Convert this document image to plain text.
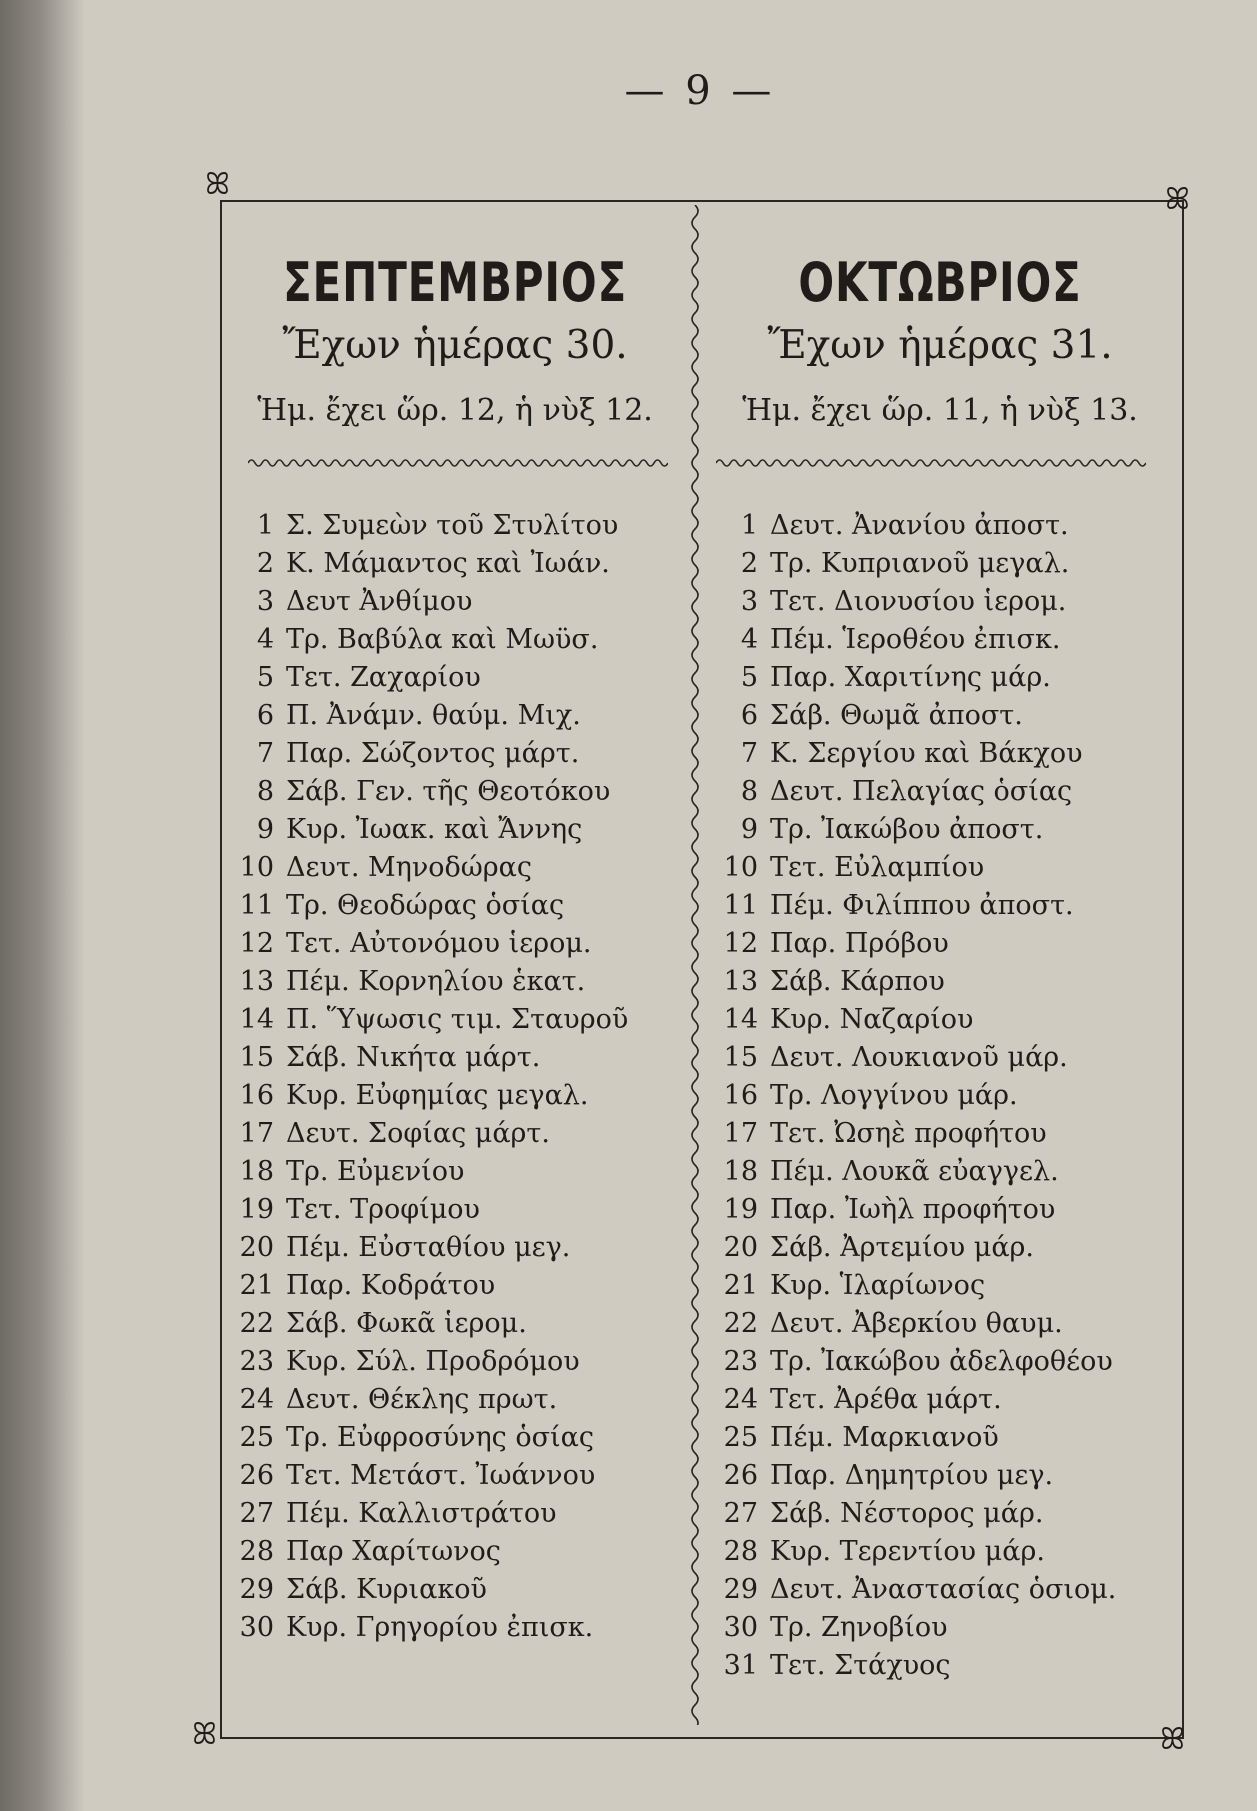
— 9 —
ꕤ	ꕤ
ꕤ	ꕤ
ΣΕΠΤΕΜΒΡΙΟΣ
Ἔχων ἡμέρας 30.
Ἡμ. ἔχει ὥρ. 12, ἡ νὺξ 12.
1 Σ. Συμεὼν τοῦ Στυλίτου
2 Κ. Μάμαντος καὶ Ἰωάν.
3 Δευτ Ἀνθίμου
4 Τρ. Βαβύλα καὶ Μωϋσ.
5 Τετ. Ζαχαρίου
6 Π. Ἀνάμν. θαύμ. Μιχ.
7 Παρ. Σώζοντος μάρτ.
8 Σάβ. Γεν. τῆς Θεοτόκου
9 Κυρ. Ἰωακ. καὶ Ἄννης
10 Δευτ. Μηνοδώρας
11 Τρ. Θεοδώρας ὁσίας
12 Τετ. Αὐτονόμου ἱερομ.
13 Πέμ. Κορνηλίου ἑκατ.
14 Π. Ὕψωσις τιμ. Σταυροῦ
15 Σάβ. Νικήτα μάρτ.
16 Κυρ. Εὐφημίας μεγαλ.
17 Δευτ. Σοφίας μάρτ.
18 Τρ. Εὐμενίου
19 Τετ. Τροφίμου
20 Πέμ. Εὐσταθίου μεγ.
21 Παρ. Κοδράτου
22 Σάβ. Φωκᾶ ἱερομ.
23 Κυρ. Σύλ. Προδρόμου
24 Δευτ. Θέκλης πρωτ.
25 Τρ. Εὐφροσύνης ὁσίας
26 Τετ. Μετάστ. Ἰωάννου
27 Πέμ. Καλλιστράτου
28 Παρ Χαρίτωνος
29 Σάβ. Κυριακοῦ
30 Κυρ. Γρηγορίου ἐπισκ.
ΟΚΤΩΒΡΙΟΣ
Ἔχων ἡμέρας 31.
Ἡμ. ἔχει ὥρ. 11, ἡ νὺξ 13.
1 Δευτ. Ἀνανίου ἀποστ.
2 Τρ. Κυπριανοῦ μεγαλ.
3 Τετ. Διονυσίου ἱερομ.
4 Πέμ. Ἱεροθέου ἐπισκ.
5 Παρ. Χαριτίνης μάρ.
6 Σάβ. Θωμᾶ ἀποστ.
7 Κ. Σεργίου καὶ Βάκχου
8 Δευτ. Πελαγίας ὁσίας
9 Τρ. Ἰακώβου ἀποστ.
10 Τετ. Εὐλαμπίου
11 Πέμ. Φιλίππου ἀποστ.
12 Παρ. Πρόβου
13 Σάβ. Κάρπου
14 Κυρ. Ναζαρίου
15 Δευτ. Λουκιανοῦ μάρ.
16 Τρ. Λογγίνου μάρ.
17 Τετ. Ὠσηὲ προφήτου
18 Πέμ. Λουκᾶ εὐαγγελ.
19 Παρ. Ἰωὴλ προφήτου
20 Σάβ. Ἀρτεμίου μάρ.
21 Κυρ. Ἱλαρίωνος
22 Δευτ. Ἀβερκίου θαυμ.
23 Τρ. Ἰακώβου ἀδελφοθέου
24 Τετ. Ἀρέθα μάρτ.
25 Πέμ. Μαρκιανοῦ
26 Παρ. Δημητρίου μεγ.
27 Σάβ. Νέστορος μάρ.
28 Κυρ. Τερεντίου μάρ.
29 Δευτ. Ἀναστασίας ὁσιομ.
30 Τρ. Ζηνοβίου
31 Τετ. Στάχυος
